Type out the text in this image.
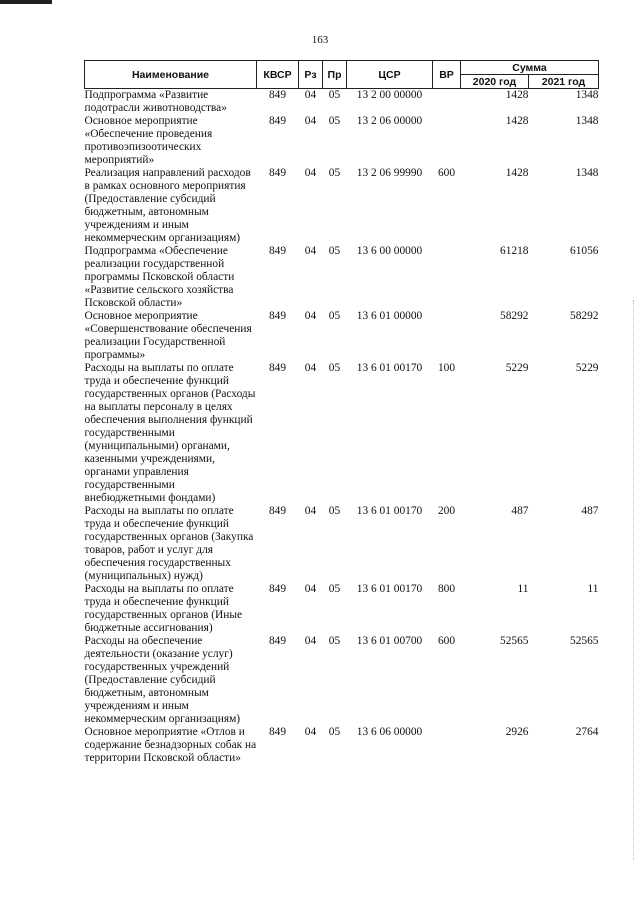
163
Наименование	КВСР	Рз	Пр	ЦСР	ВР	Сумма	
						2020 год	2021 год
Подпрограмма «Развитие подотрасли животноводства»	849	04	05	13 2 00 00000		1428	1348
Основное мероприятие «Обеспечение проведения противоэпизоотических мероприятий»	849	04	05	13 2 06 00000		1428	1348
Реализация направлений расходов в рамках основного мероприятия (Предоставление субсидий бюджетным, автономным учреждениям и иным некоммерческим организациям)	849	04	05	13 2 06 99990	600	1428	1348
Подпрограмма «Обеспечение реализации государственной программы Псковской области «Развитие сельского хозяйства Псковской области»	849	04	05	13 6 00 00000		61218	61056
Основное мероприятие «Совершенствование обеспечения реализации Государственной программы»	849	04	05	13 6 01 00000		58292	58292
Расходы на выплаты по оплате труда и обеспечение функций государственных органов (Расходы на выплаты персоналу в целях обеспечения выполнения функций государственными (муниципальными) органами, казенными учреждениями, органами управления государственными внебюджетными фондами)	849	04	05	13 6 01 00170	100	5229	5229
Расходы на выплаты по оплате труда и обеспечение функций государственных органов (Закупка товаров, работ и услуг для обеспечения государственных (муниципальных) нужд)	849	04	05	13 6 01 00170	200	487	487
Расходы на выплаты по оплате труда и обеспечение функций государственных органов (Иные бюджетные ассигнования)	849	04	05	13 6 01 00170	800	11	11
Расходы на обеспечение деятельности (оказание услуг) государственных учреждений (Предоставление субсидий бюджетным, автономным учреждениям и иным некоммерческим организациям)	849	04	05	13 6 01 00700	600	52565	52565
Основное мероприятие «Отлов и содержание безнадзорных собак на территории Псковской области»	849	04	05	13 6 06 00000		2926	2764
